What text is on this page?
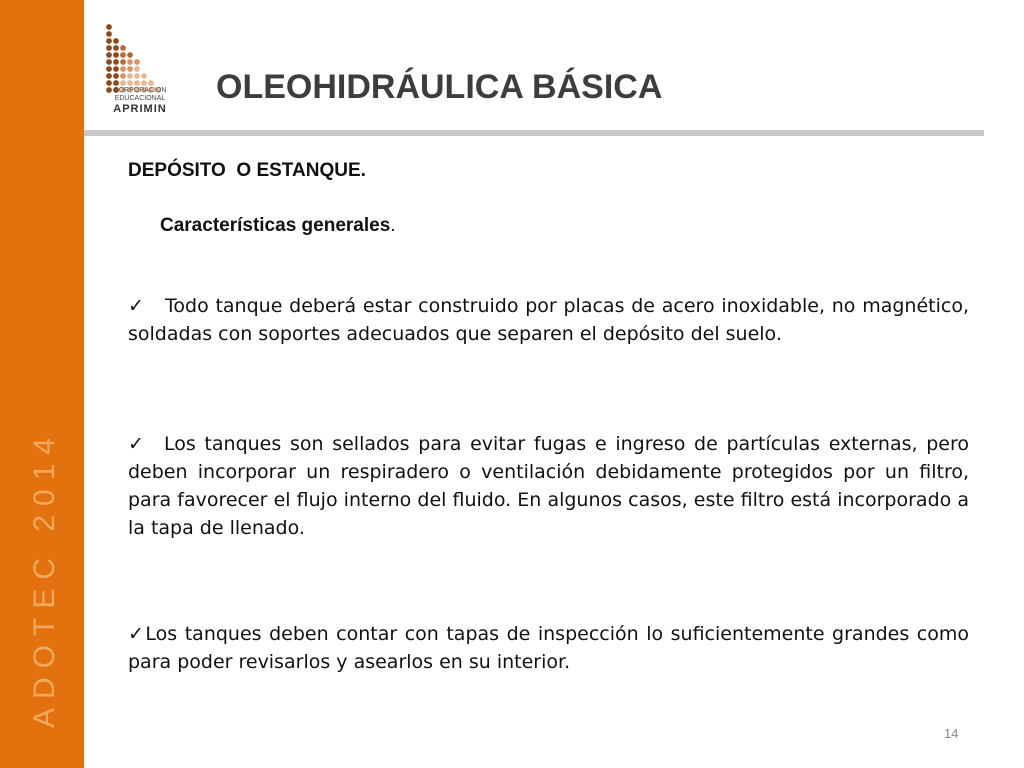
ADOTEC 2014
CORPORACION
EDUCACIONAL
APRIMIN
OLEOHIDRÁULICA BÁSICA
DEPÓSITO  O ESTANQUE.
Características generales.
✓ Todo tanque deberá estar construido por placas de acero inoxidable, no magnético, soldadas con soportes adecuados que separen el depósito del suelo.
✓ Los tanques son sellados para evitar fugas e ingreso de partículas externas, pero deben incorporar un respiradero o ventilación debidamente protegidos por un filtro, para favorecer el flujo interno del fluido. En algunos casos, este filtro está incorporado a la tapa de llenado.
✓Los tanques deben contar con tapas de inspección lo suficientemente grandes como para poder revisarlos y asearlos en su interior.
14
